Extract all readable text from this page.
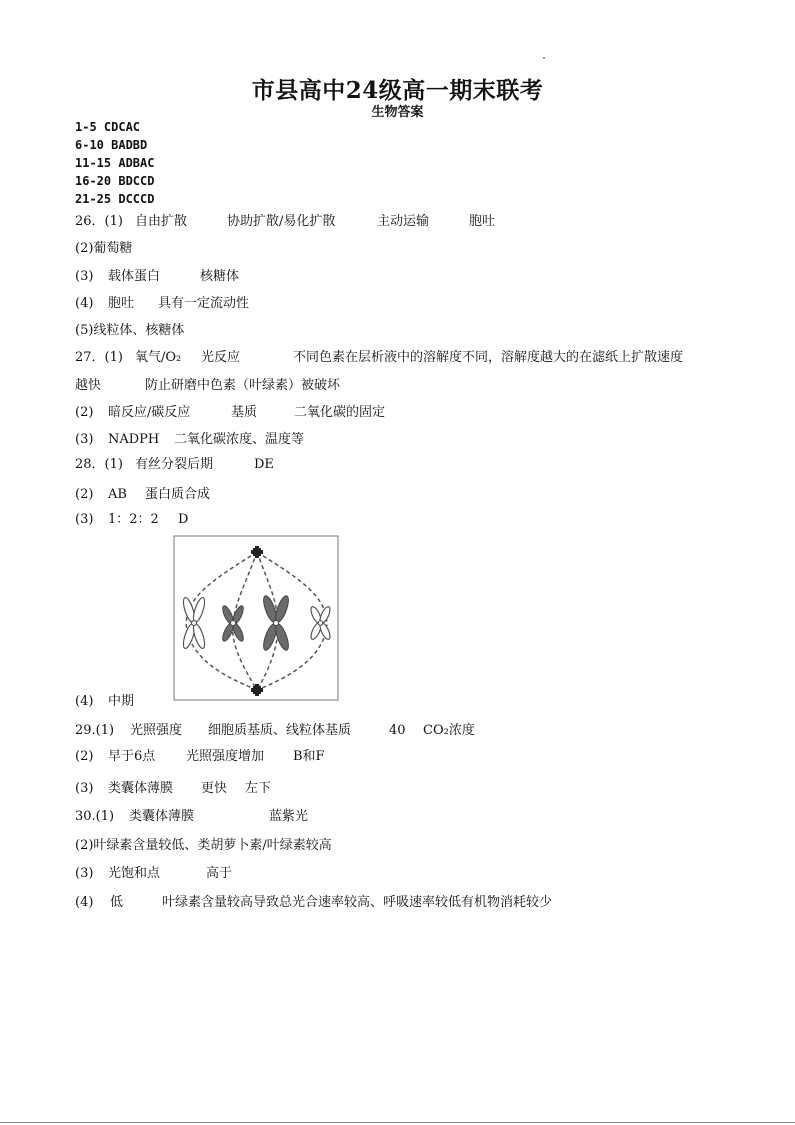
市县高中24级高一期末联考
生物答案
1-5 CDCAC
6-10 BADBD
11-15 ADBAC
16-20 BDCCD
21-25 DCCCD
26．(1) 自由扩散	协助扩散/易化扩散	主动运输	胞吐
(2)葡萄糖
(3) 载体蛋白	核糖体
(4) 胞吐 具有一定流动性
(5)线粒体、核糖体
27．(1) 氧气/O₂ 光反应	不同色素在层析液中的溶解度不同，溶解度越大的在滤纸上扩散速度
越快	防止研磨中色素（叶绿素）被破坏
(2) 暗反应/碳反应	基质	二氧化碳的固定
(3) NADPH 二氧化碳浓度、温度等
28．(1) 有丝分裂后期	DE
(2) AB 蛋白质合成
(3) 1：2：2 D
(4) 中期
29.(1) 光照强度 细胞质基质、线粒体基质	40 CO₂浓度
(2) 早于6点 光照强度增加 B和F
(3) 类囊体薄膜 更快 左下
30.(1) 类囊体薄膜	蓝紫光
(2)叶绿素含量较低、类胡萝卜素/叶绿素较高
(3) 光饱和点	高于
(4) 低	叶绿素含量较高导致总光合速率较高、呼吸速率较低有机物消耗较少
